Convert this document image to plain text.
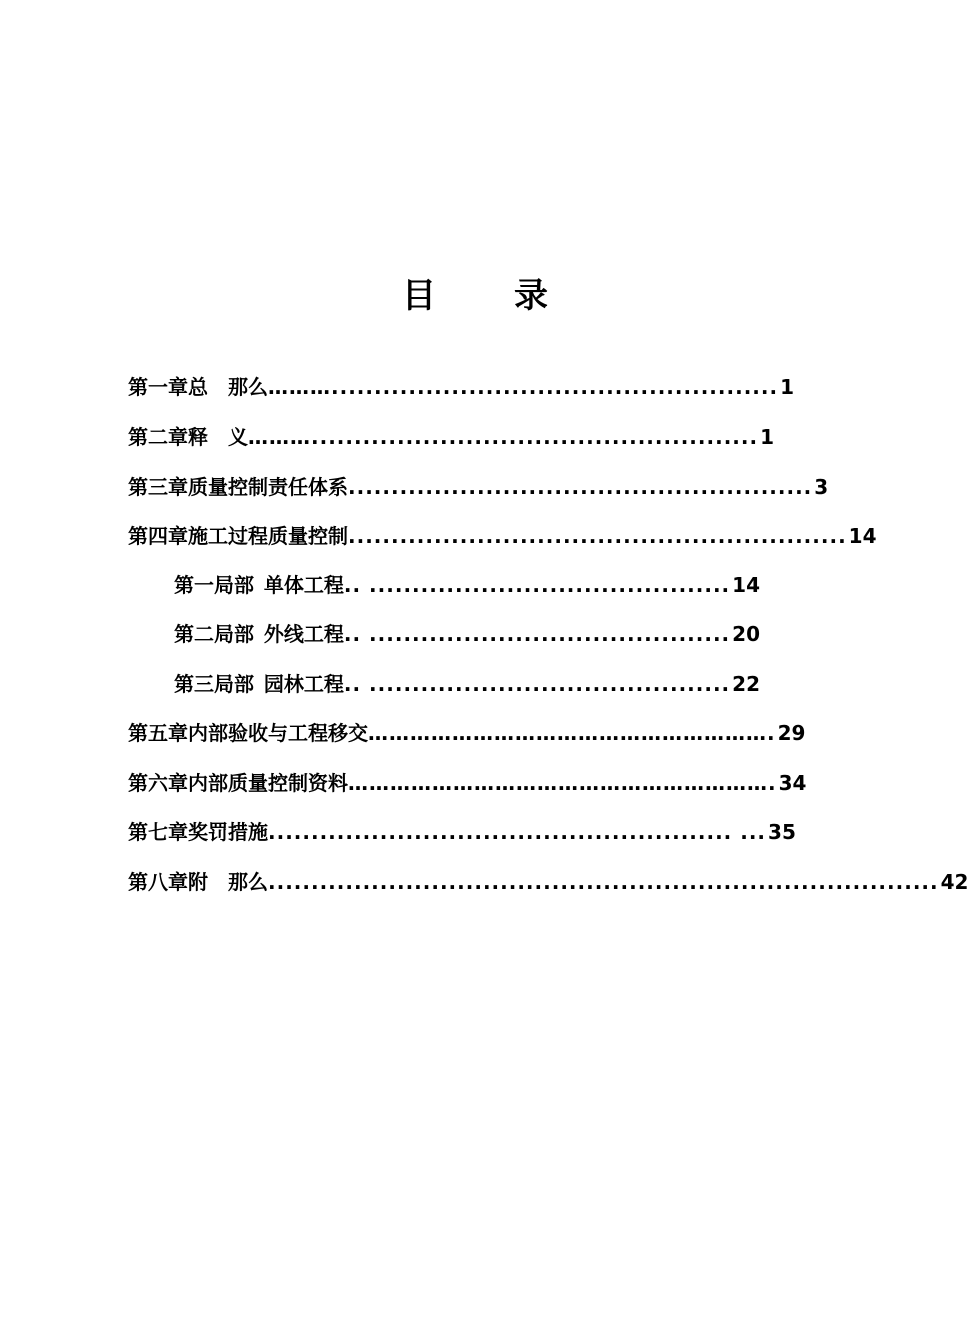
目 录
第一章 总　那么 ……….................................................... 1
第二章 释　义 ……….................................................... 1
第三章 质量控制责任体系 ...................................................... 3
第四章 施工过程质量控制 .......................................................... 14
第一局部 单体工程 .. .......................................... 14
第二局部 外线工程 .. .......................................... 20
第三局部 园林工程 .. .......................................... 22
第五章 内部验收与工程移交 …………………………………………………. 29
第六章 内部质量控制资料 ……………………………………………………. 34
第七章 奖罚措施 ...................................................... ... 35
第八章 附　那么 .............................................................................. 42
